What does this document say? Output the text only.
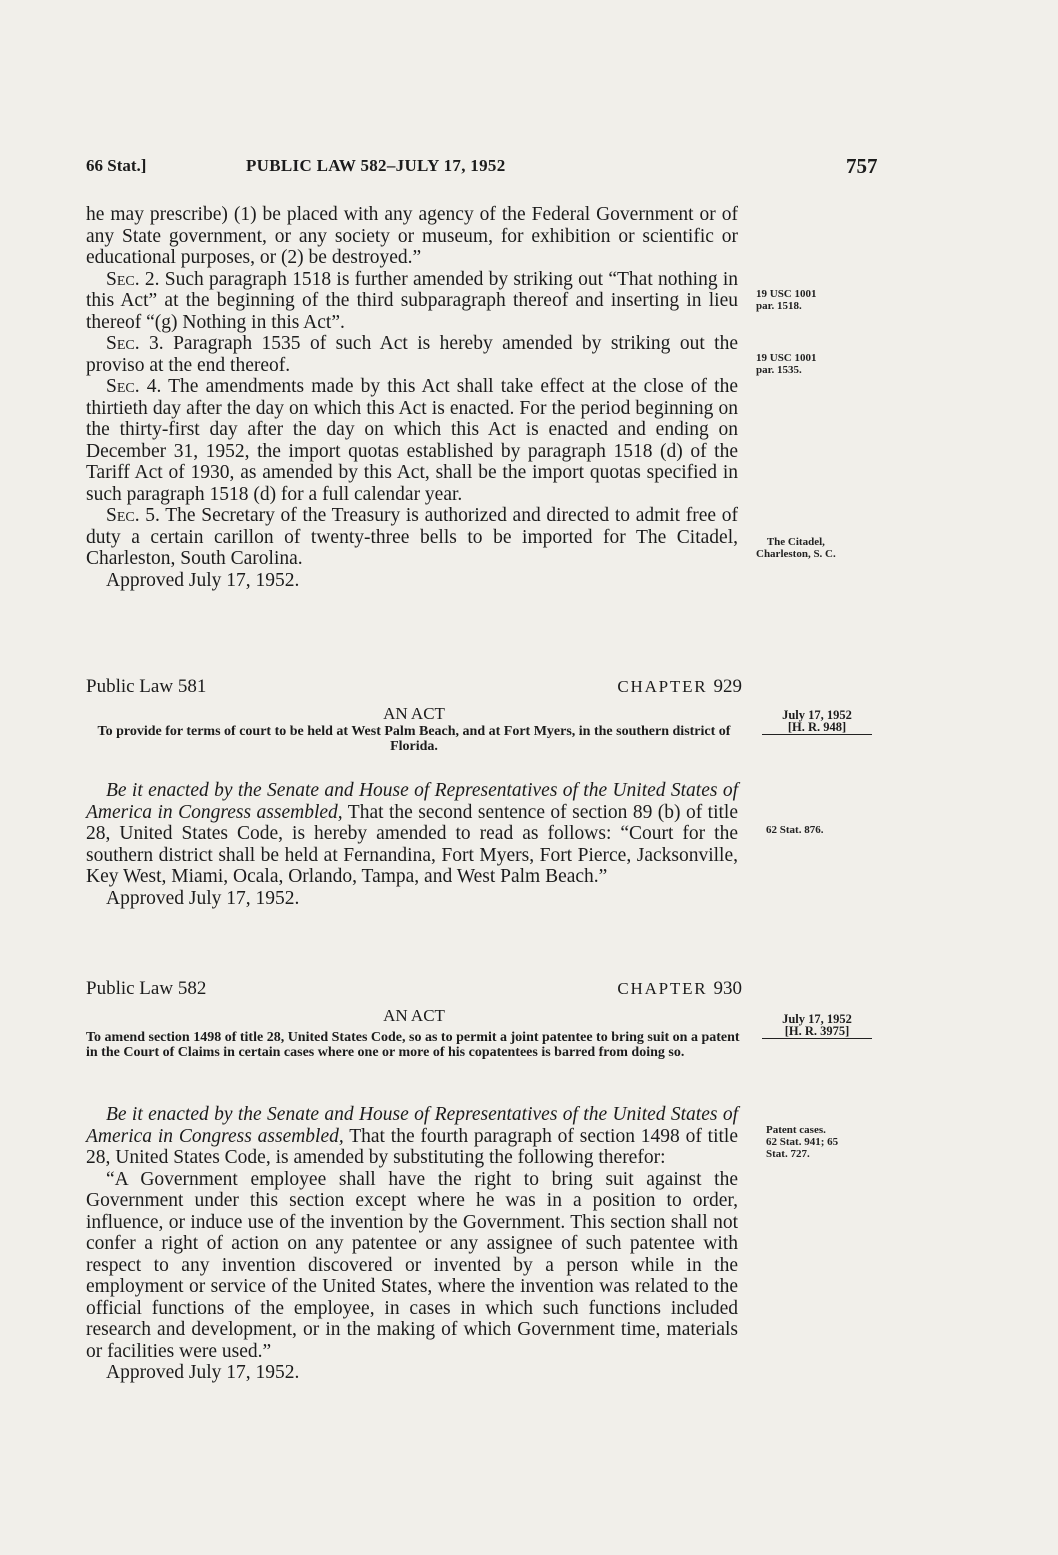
66 Stat.]	PUBLIC LAW 582–JULY 17, 1952	757

he may prescribe) (1) be placed with any agency of the Federal Government or of any State government, or any society or museum, for exhibition or scientific or educational purposes, or (2) be destroyed.”

Sec. 2. Such paragraph 1518 is further amended by striking out “That nothing in this Act” at the beginning of the third subparagraph thereof and inserting in lieu thereof “(g) Nothing in this Act”.

Sec. 3. Paragraph 1535 of such Act is hereby amended by striking out the proviso at the end thereof.

Sec. 4. The amendments made by this Act shall take effect at the close of the thirtieth day after the day on which this Act is enacted. For the period beginning on the thirty-first day after the day on which this Act is enacted and ending on December 31, 1952, the import quotas established by paragraph 1518 (d) of the Tariff Act of 1930, as amended by this Act, shall be the import quotas specified in such paragraph 1518 (d) for a full calendar year.

Sec. 5. The Secretary of the Treasury is authorized and directed to admit free of duty a certain carillon of twenty-three bells to be imported for The Citadel, Charleston, South Carolina.

Approved July 17, 1952.

19 USC 1001
par. 1518.
19 USC 1001
par. 1535.
The Citadel,
Charleston, S. C.
Public Law 581	CHAPTER 929
AN ACT
To provide for terms of court to be held at West Palm Beach, and at Fort Myers, in the southern district of Florida.
July 17, 1952
[H. R. 948]

Be it enacted by the Senate and House of Representatives of the United States of America in Congress assembled, That the second sentence of section 89 (b) of title 28, United States Code, is hereby amended to read as follows: “Court for the southern district shall be held at Fernandina, Fort Myers, Fort Pierce, Jacksonville, Key West, Miami, Ocala, Orlando, Tampa, and West Palm Beach.”

Approved July 17, 1952.

62 Stat. 876.
Public Law 582	CHAPTER 930
AN ACT
To amend section 1498 of title 28, United States Code, so as to permit a joint patentee to bring suit on a patent in the Court of Claims in certain cases where one or more of his copatentees is barred from doing so.
July 17, 1952
[H. R. 3975]

Be it enacted by the Senate and House of Representatives of the United States of America in Congress assembled, That the fourth paragraph of section 1498 of title 28, United States Code, is amended by substituting the following therefor:

“A Government employee shall have the right to bring suit against the Government under this section except where he was in a position to order, influence, or induce use of the invention by the Government. This section shall not confer a right of action on any patentee or any assignee of such patentee with respect to any invention discovered or invented by a person while in the employment or service of the United States, where the invention was related to the official functions of the employee, in cases in which such functions included research and development, or in the making of which Government time, materials or facilities were used.”

Approved July 17, 1952.

Patent cases.
62 Stat. 941; 65
Stat. 727.
